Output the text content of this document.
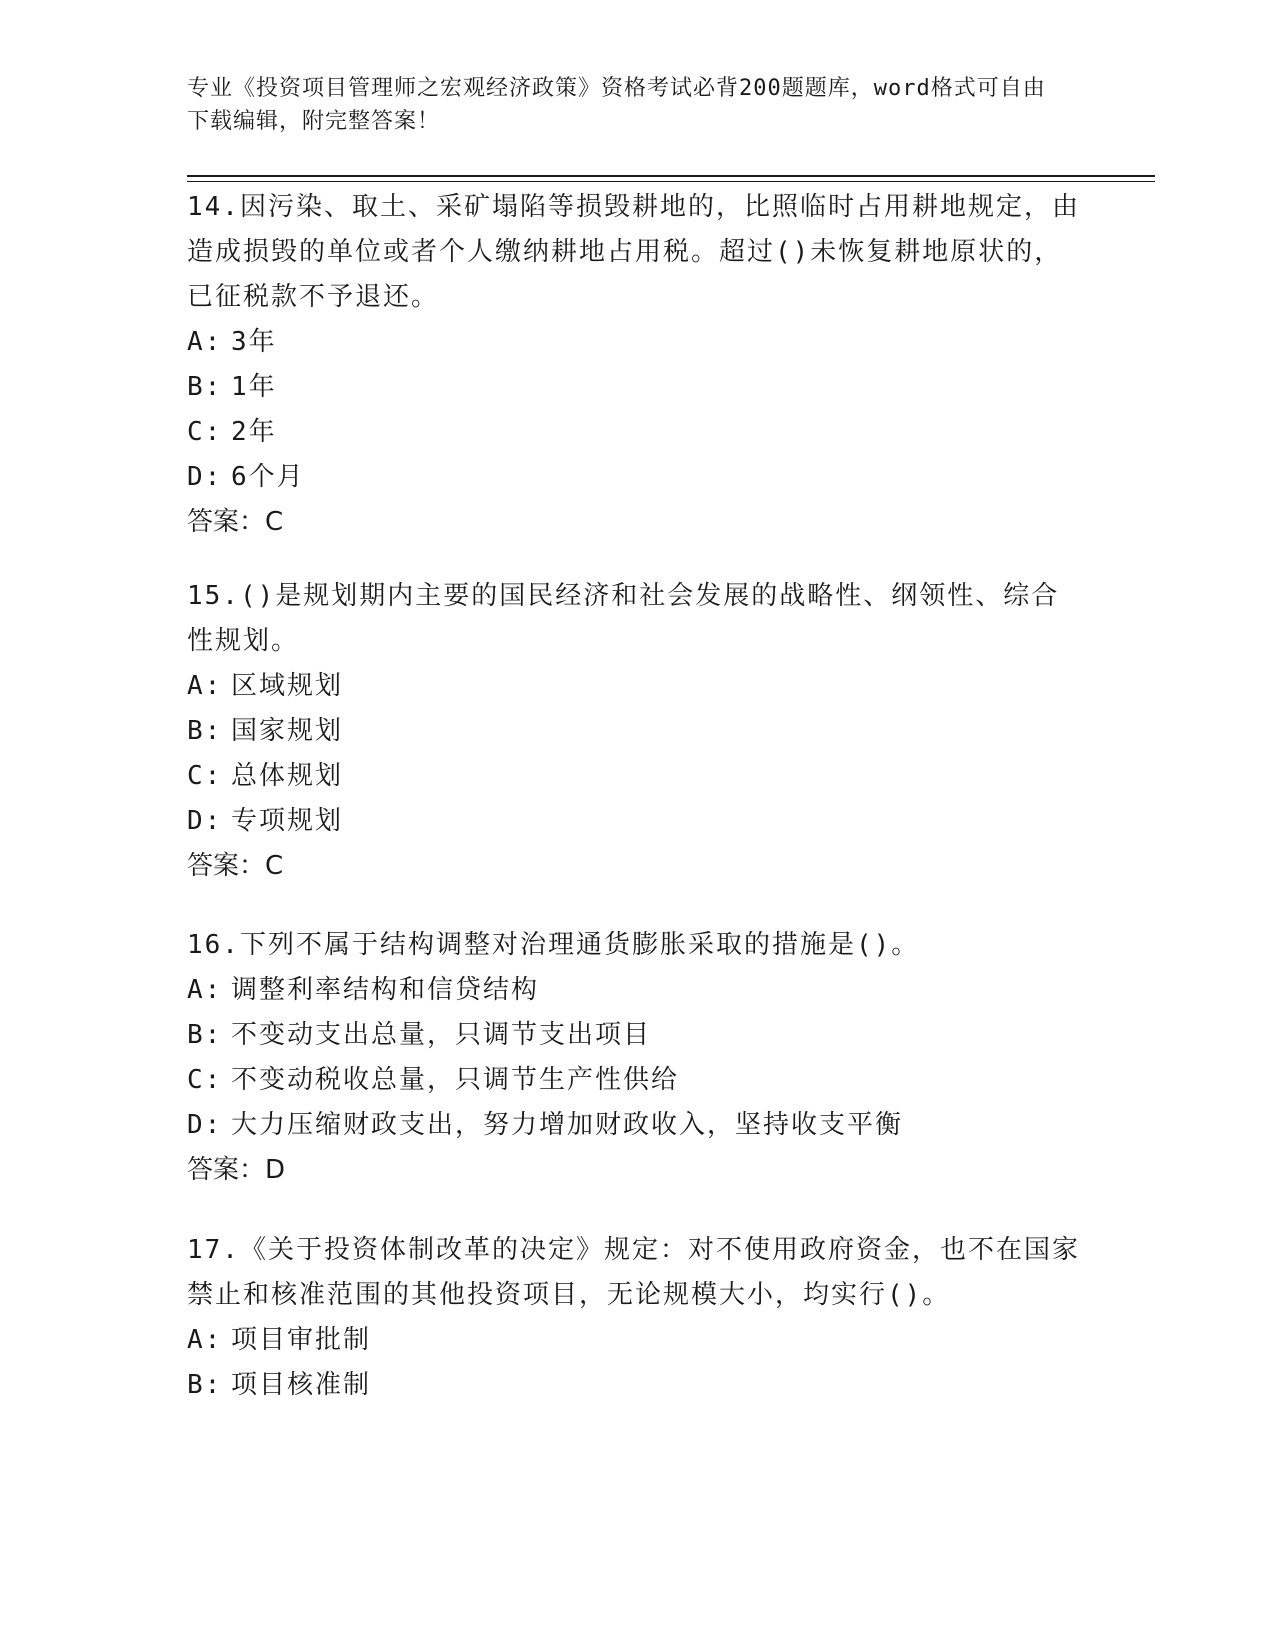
专业《投资项目管理师之宏观经济政策》资格考试必背200题题库，word格式可自由下载编辑，附完整答案！

14.因污染、取土、采矿塌陷等损毁耕地的，比照临时占用耕地规定，由造成损毁的单位或者个人缴纳耕地占用税。超过()未恢复耕地原状的，已征税款不予退还。

A: 3年

B: 1年

C: 2年

D: 6个月

答案：C

15.()是规划期内主要的国民经济和社会发展的战略性、纲领性、综合性规划。

A: 区域规划

B: 国家规划

C: 总体规划

D: 专项规划

答案：C

16.下列不属于结构调整对治理通货膨胀采取的措施是()。

A: 调整利率结构和信贷结构

B: 不变动支出总量，只调节支出项目

C: 不变动税收总量，只调节生产性供给

D: 大力压缩财政支出，努力增加财政收入，坚持收支平衡

答案：D

17.《关于投资体制改革的决定》规定：对不使用政府资金，也不在国家禁止和核准范围的其他投资项目，无论规模大小，均实行()。

A: 项目审批制

B: 项目核准制
